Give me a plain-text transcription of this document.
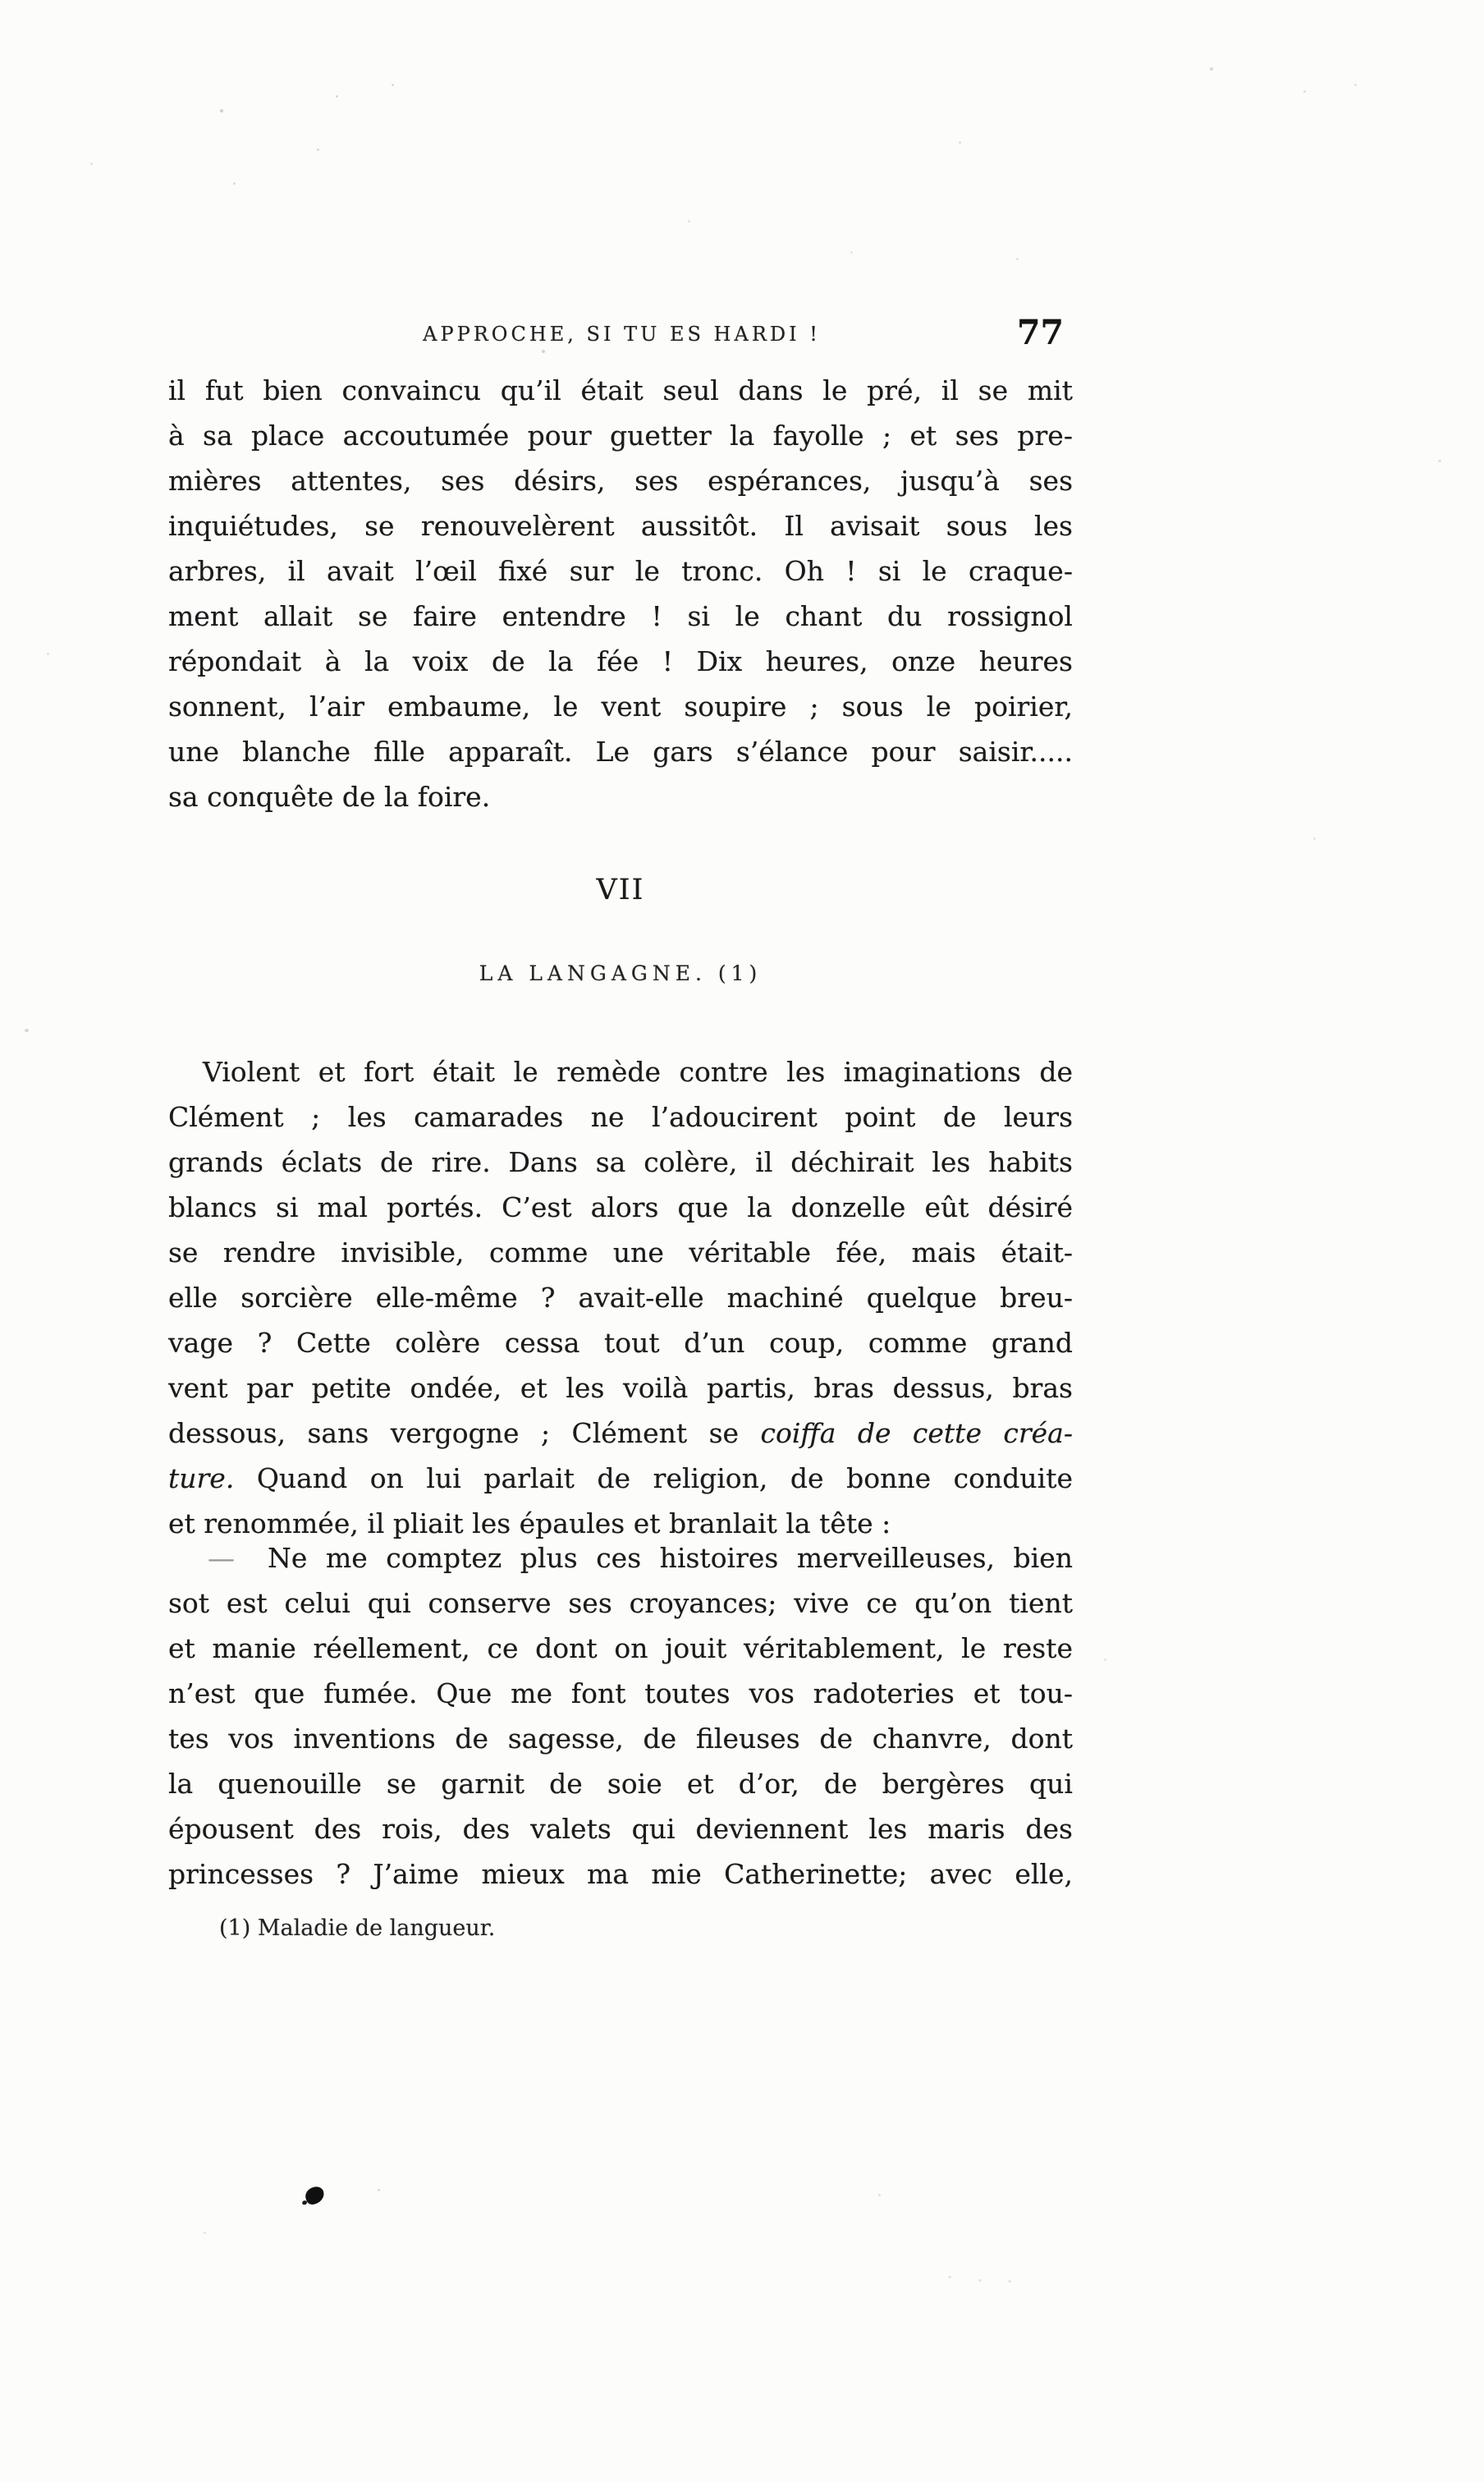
APPROCHE, SI TU ES HARDI !	77
il fut bien convaincu qu’il était seul dans le pré, il se mit
à sa place accoutumée pour guetter la fayolle ; et ses pre-
mières attentes, ses désirs, ses espérances, jusqu’à ses
inquiétudes, se renouvelèrent aussitôt. Il avisait sous les
arbres, il avait l’œil fixé sur le tronc. Oh ! si le craque-
ment allait se faire entendre ! si le chant du rossignol
répondait à la voix de la fée ! Dix heures, onze heures
sonnent, l’air embaume, le vent soupire ; sous le poirier,
une blanche fille apparaît. Le gars s’élance pour saisir.....
sa conquête de la foire.
VII
LA LANGAGNE. (1)
Violent et fort était le remède contre les imaginations de
Clément ; les camarades ne l’adoucirent point de leurs
grands éclats de rire. Dans sa colère, il déchirait les habits
blancs si mal portés. C’est alors que la donzelle eût désiré
se rendre invisible, comme une véritable fée, mais était-
elle sorcière elle-même ? avait-elle machiné quelque breu-
vage ? Cette colère cessa tout d’un coup, comme grand
vent par petite ondée, et les voilà partis, bras dessus, bras
dessous, sans vergogne ; Clément se coiffa de cette créa-
ture. Quand on lui parlait de religion, de bonne conduite
et renommée, il pliait les épaules et branlait la tête :
— Ne me comptez plus ces histoires merveilleuses, bien
sot est celui qui conserve ses croyances; vive ce qu’on tient
et manie réellement, ce dont on jouit véritablement, le reste
n’est que fumée. Que me font toutes vos radoteries et tou-
tes vos inventions de sagesse, de fileuses de chanvre, dont
la quenouille se garnit de soie et d’or, de bergères qui
épousent des rois, des valets qui deviennent les maris des
princesses ? J’aime mieux ma mie Catherinette; avec elle,
(1) Maladie de langueur.
